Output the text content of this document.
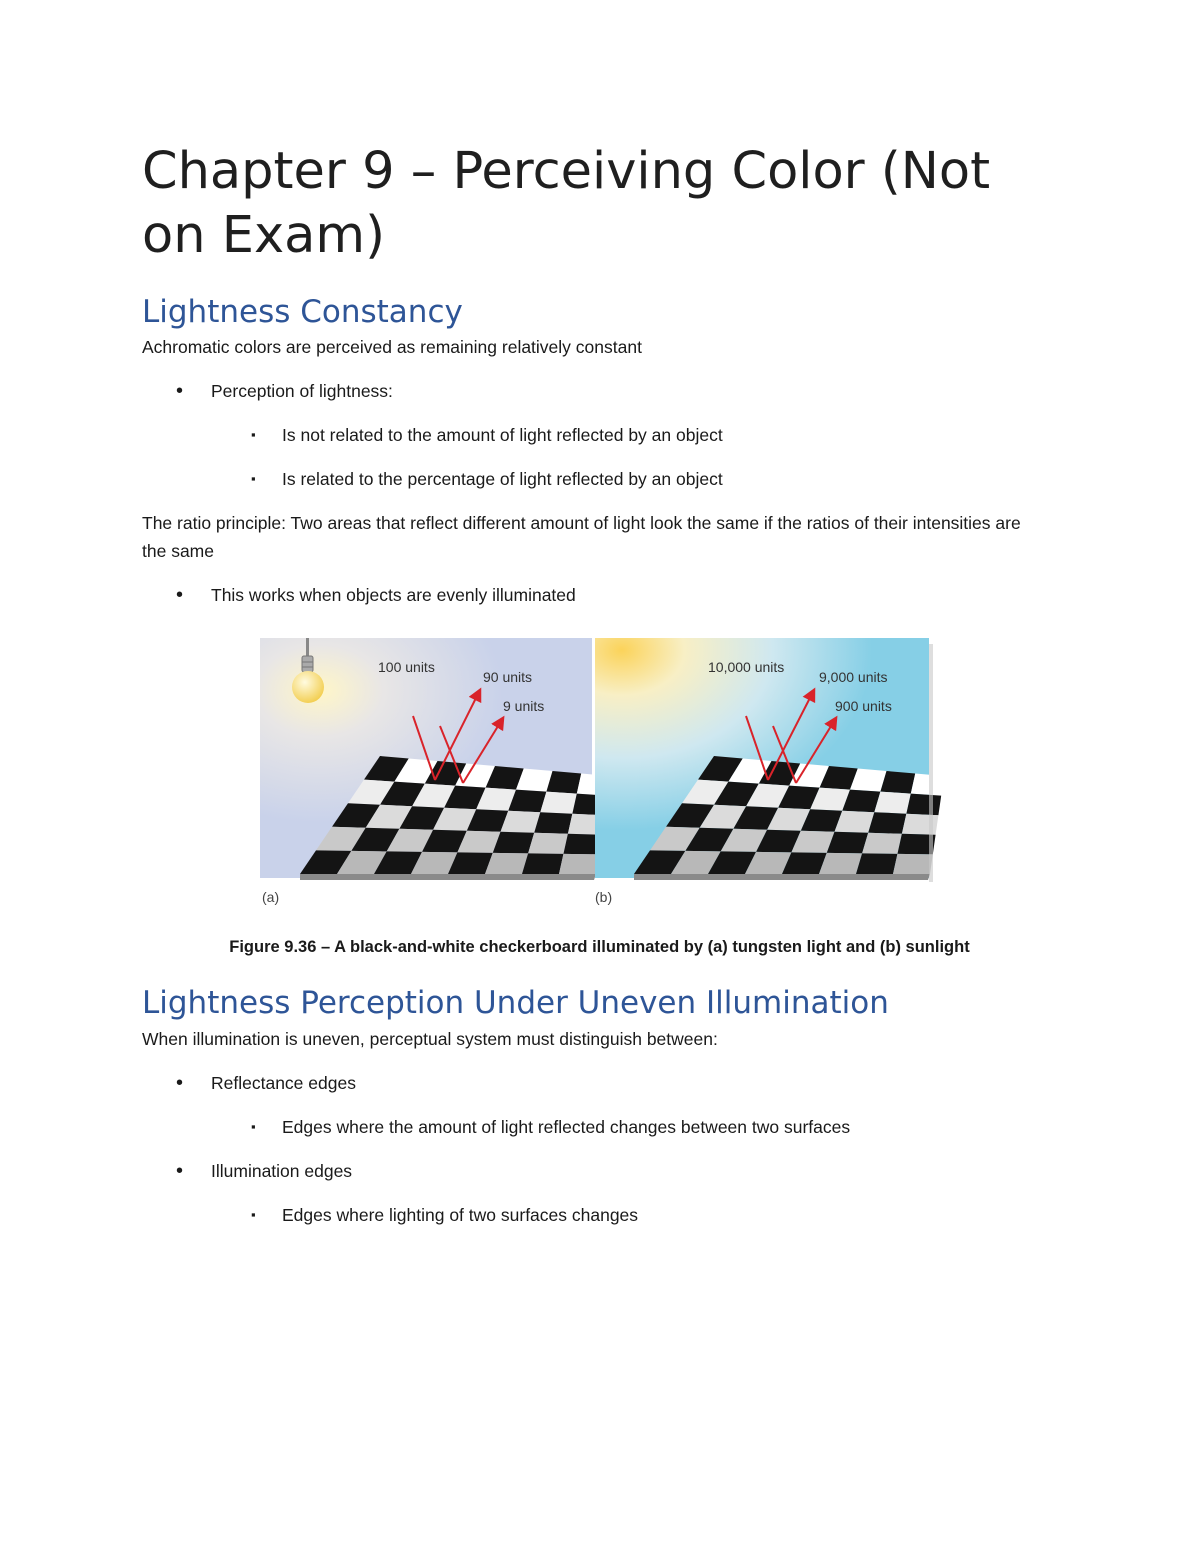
Chapter 9 – Perceiving Color (Not on Exam)
Lightness Constancy

Achromatic colors are perceived as remaining relatively constant

• Perception of lightness:
▪ Is not related to the amount of light reflected by an object
▪ Is related to the percentage of light reflected by an object

The ratio principle: Two areas that reflect different amount of light look the same if the ratios of their intensities are the same

• This works when objects are evenly illuminated
100 units
90 units
9 units
(a)
10,000 units
9,000 units
900 units
(b)

Figure 9.36 – A black-and-white checkerboard illuminated by (a) tungsten light and (b) sunlight

Lightness Perception Under Uneven Illumination

When illumination is uneven, perceptual system must distinguish between:

• Reflectance edges
▪ Edges where the amount of light reflected changes between two surfaces
• Illumination edges
▪ Edges where lighting of two surfaces changes
